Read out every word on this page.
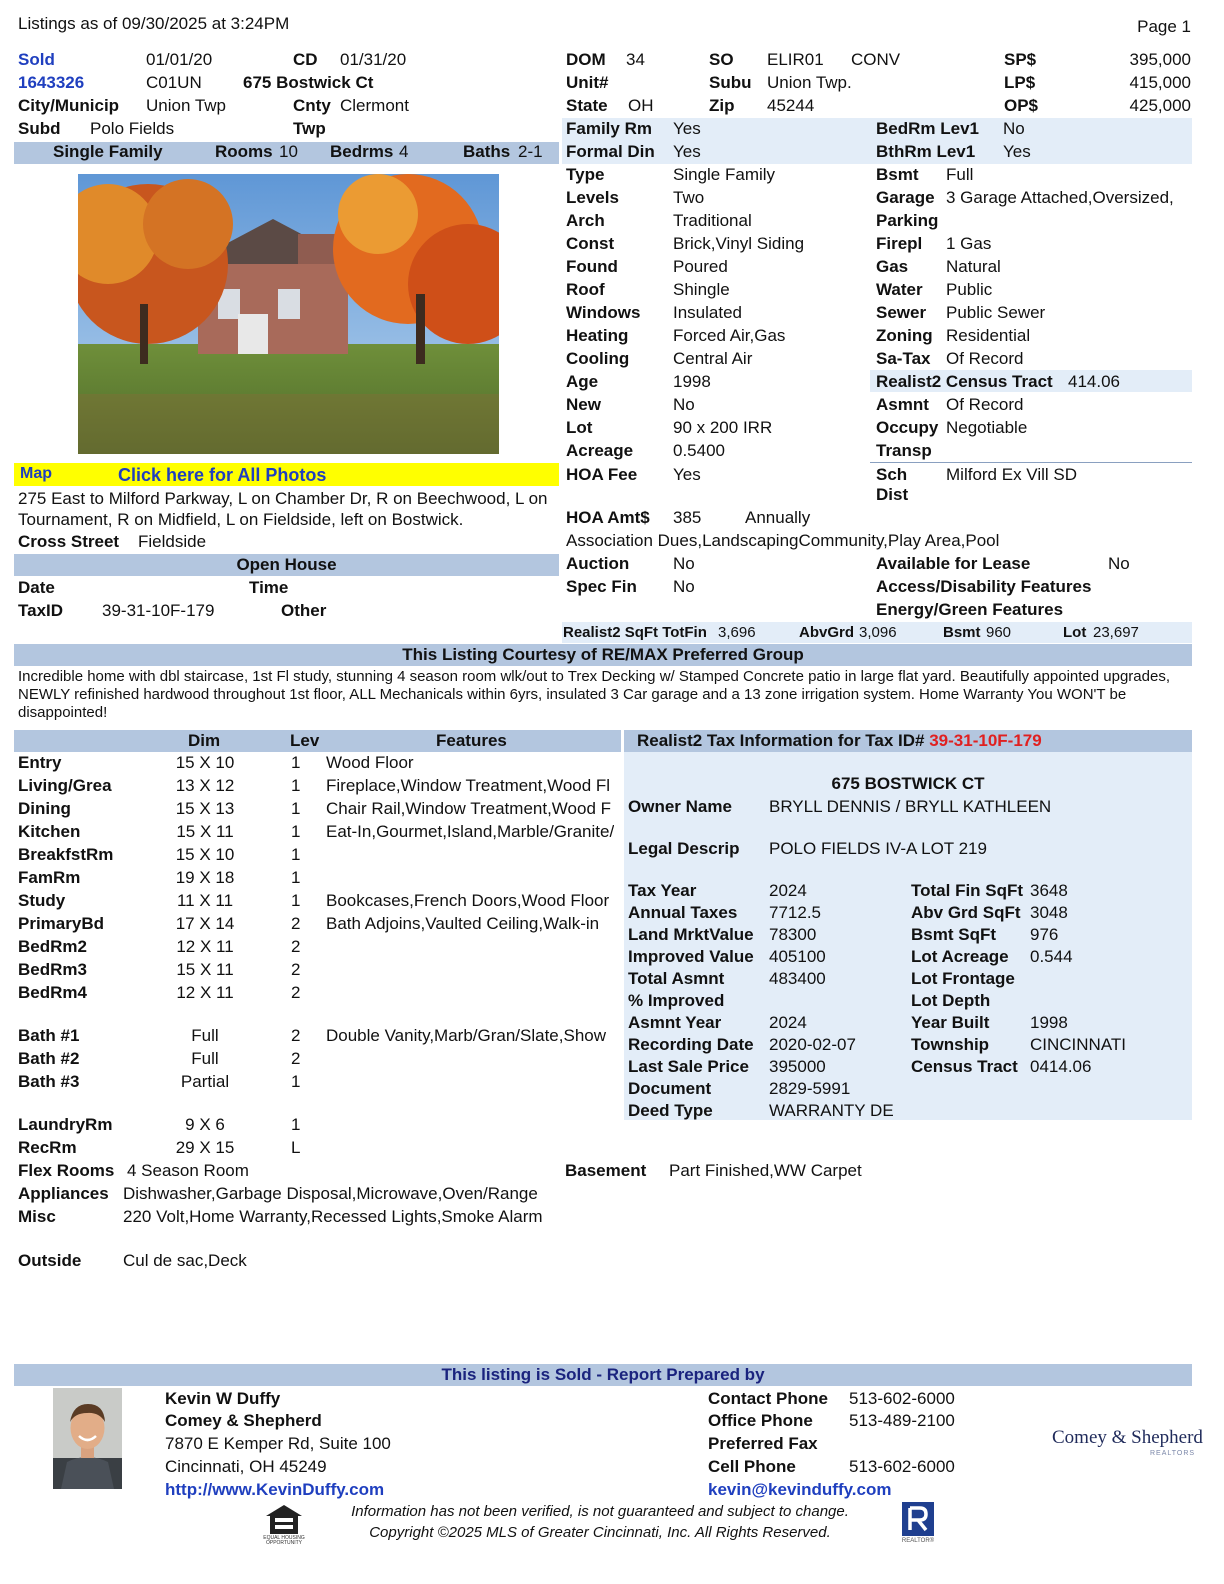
Listings as of 09/30/2025 at 3:24PM	Page 1
Sold	01/01/20	CD 01/31/20
1643326	C01UN 675 Bostwick Ct
City/Municip Union Twp	Cnty Clermont
Subd Polo Fields	Twp
DOM 34	SO ELIR01 CONV	SP$	395,000
Unit#	Subu Union Twp.	LP$	415,000
State OH	Zip 45244	OP$	425,000
Family Rm Yes	BedRm Lev1 No
Formal Din Yes	BthRm Lev1 Yes
Single Family	Rooms 10 Bedrms 4	Baths 2-1
Type	Single Family
Levels	Two
Arch	Traditional
Const	Brick,Vinyl Siding
Found	Poured
Roof	Shingle
Windows Insulated
Heating	Forced Air,Gas
Cooling	Central Air
Age	1998
New	No
Lot	90 x 200 IRR
Acreage 0.5400
Bsmt Full
Garage 3 Garage Attached,Oversized,
Parking
Firepl 1 Gas
Gas Natural
Water Public
Sewer Public Sewer
Zoning Residential
Sa-Tax Of Record
Asmnt Of Record
Occupy Negotiable
Transp
Realist2 Census Tract 414.06
Map	Click here for All Photos
275 East to Milford Parkway, L on Chamber Dr, R on Beechwood, L on Tournament, R on Midfield, L on Fieldside, left on Bostwick.
Cross Street Fieldside
Open House
Date	Time
TaxID 39-31-10F-179	Other
HOA Fee Yes	Sch
Dist
Milford Ex Vill SD
HOA Amt$ 385	Annually
Association Dues,LandscapingCommunity,Play Area,Pool
Auction	No	Available for Lease	No
Spec Fin No	Access/Disability Features
Energy/Green Features
Realist2 SqFt TotFin 3,696	AbvGrd 3,096	Bsmt 960	Lot 23,697
This Listing Courtesy of RE/MAX Preferred Group
Incredible home with dbl staircase, 1st Fl study, stunning 4 season room wlk/out to Trex Decking w/ Stamped Concrete patio in large flat yard. Beautifully appointed upgrades, NEWLY refinished hardwood throughout 1st floor, ALL Mechanicals within 6yrs, insulated 3 Car garage and a 13 zone irrigation system. Home Warranty You WON'T be disappointed!
Dim	Lev	Features
Entry	15 X 10	1 Wood Floor
Living/Grea	13 X 12	1 Fireplace,Window Treatment,Wood Fl
Dining	15 X 13	1 Chair Rail,Window Treatment,Wood F
Kitchen	15 X 11	1 Eat-In,Gourmet,Island,Marble/Granite/
BreakfstRm	15 X 10	1
FamRm	19 X 18	1
Study	11 X 11	1 Bookcases,French Doors,Wood Floor
PrimaryBd	17 X 14	2 Bath Adjoins,Vaulted Ceiling,Walk-in
BedRm2	12 X 11	2
BedRm3	15 X 11	2
BedRm4	12 X 11	2
Bath #1	Full	2 Double Vanity,Marb/Gran/Slate,Show
Bath #2	Full	2
Bath #3	Partial	1
LaundryRm	9 X 6	1
RecRm	29 X 15	L
Realist2 Tax Information for Tax ID# 39-31-10F-179
675 BOSTWICK CT
Owner Name BRYLL DENNIS / BRYLL KATHLEEN
Legal Descrip POLO FIELDS IV-A LOT 219
Tax Year	2024
Annual Taxes 7712.5
Land MrktValue 78300
Improved Value 405100
Total Asmnt	483400
% Improved
Asmnt Year	2024
Recording Date 2020-02-07
Last Sale Price 395000
Document	2829-5991
Deed Type	WARRANTY DE
Total Fin SqFt 3648
Abv Grd SqFt 3048
Bsmt SqFt 976
Lot Acreage 0.544
Lot Frontage
Lot Depth
Year Built 1998
Township CINCINNATI
Census Tract 0414.06
Flex Rooms 4 Season Room	Basement Part Finished,WW Carpet
Appliances Dishwasher,Garbage Disposal,Microwave,Oven/Range
Misc	220 Volt,Home Warranty,Recessed Lights,Smoke Alarm
Outside Cul de sac,Deck
This listing is Sold - Report Prepared by
Kevin W Duffy
Comey & Shepherd
7870 E Kemper Rd, Suite 100
Cincinnati, OH 45249
http://www.KevinDuffy.com
Contact Phone 513-602-6000
Office Phone 513-489-2100
Preferred Fax
Cell Phone	513-602-6000
kevin@kevinduffy.com
Comey & Shepherd
REALTORS
EQUAL HOUSING OPPORTUNITY
Information has not been verified, is not guaranteed and subject to change.
Copyright ©2025 MLS of Greater Cincinnati, Inc. All Rights Reserved.	REALTOR®
